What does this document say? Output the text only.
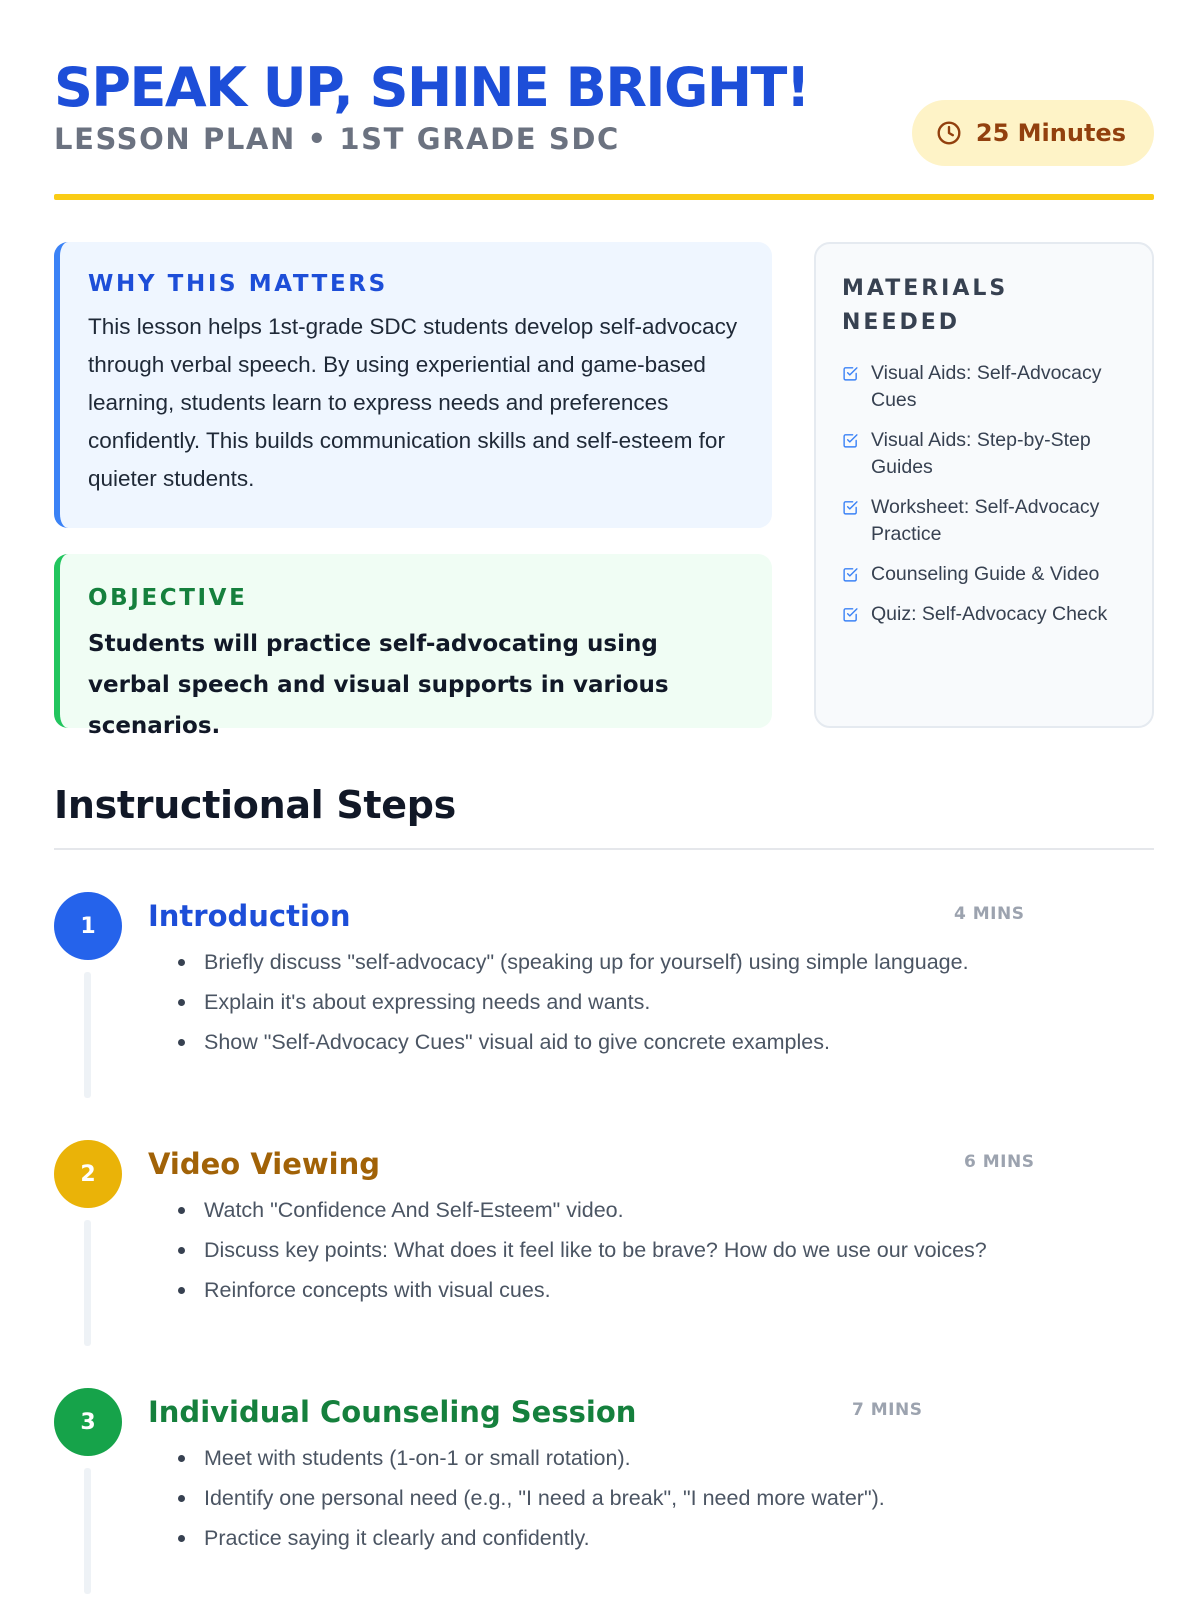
SPEAK UP, SHINE BRIGHT!
LESSON PLAN • 1ST GRADE SDC	25 Minutes
WHY THIS MATTERS

This lesson helps 1st-grade SDC students develop self-advocacy through verbal speech. By using experiential and game-based learning, students learn to express needs and preferences confidently. This builds communication skills and self-esteem for quieter students.

OBJECTIVE

Students will practice self-advocating using verbal speech and visual supports in various scenarios.

MATERIALS NEEDED
Visual Aids: Self-Advocacy Cues
Visual Aids: Step-by-Step Guides
Worksheet: Self-Advocacy Practice
Counseling Guide & Video
Quiz: Self-Advocacy Check
Instructional Steps
1	Introduction	4 MINS
Briefly discuss "self-advocacy" (speaking up for yourself) using simple language.
Explain it's about expressing needs and wants.
Show "Self-Advocacy Cues" visual aid to give concrete examples.
2	Video Viewing	6 MINS
Watch "Confidence And Self-Esteem" video.
Discuss key points: What does it feel like to be brave? How do we use our voices?
Reinforce concepts with visual cues.
3	Individual Counseling Session	7 MINS
Meet with students (1-on-1 or small rotation).
Identify one personal need (e.g., "I need a break", "I need more water").
Practice saying it clearly and confidently.
